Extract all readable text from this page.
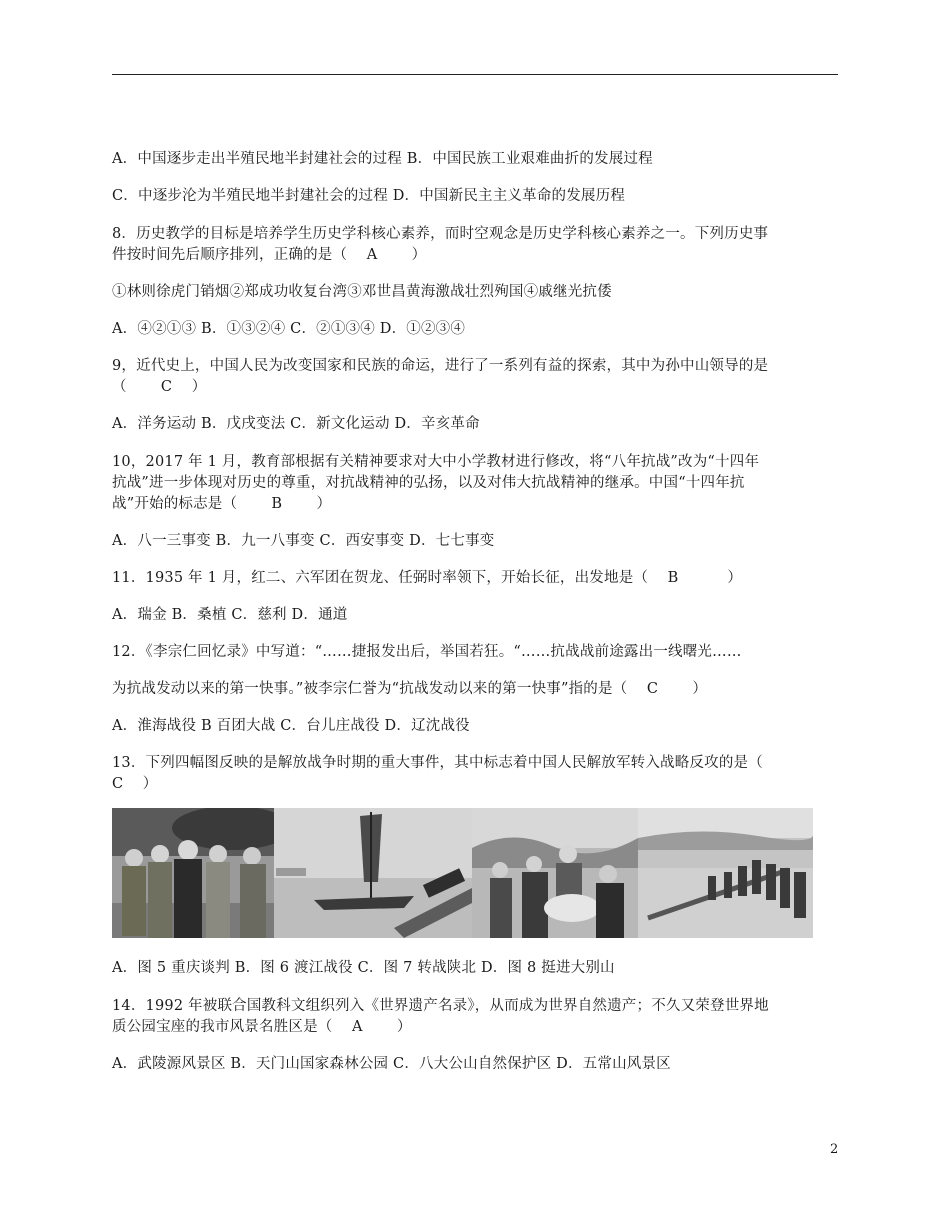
A．中国逐步走出半殖民地半封建社会的过程 B．中国民族工业艰难曲折的发展过程
C．中逐步沦为半殖民地半封建社会的过程 D．中国新民主主义革命的发展历程
8．历史教学的目标是培养学生历史学科核心素养，而时空观念是历史学科核心素养之一。下列历史事
件按时间先后顺序排列，正确的是（　 A　　 ）
①林则徐虎门销烟②郑成功收复台湾③邓世昌黄海激战壮烈殉国④戚继光抗倭
A．④②①③ B．①③②④ C．②①③④ D．①②③④
9，近代史上，中国人民为改变国家和民族的命运，进行了一系列有益的探索，其中为孙中山领导的是
（　　 C　 ）
A．洋务运动 B．戊戌变法 C．新文化运动 D．辛亥革命
10，2017 年 1 月，教育部根据有关精神要求对大中小学教材进行修改，将“八年抗战”改为“十四年
抗战”进一步体现对历史的尊重，对抗战精神的弘扬，以及对伟大抗战精神的继承。中国“十四年抗
战”开始的标志是（　　 B　　 ）
A．八一三事变 B．九一八事变 C．西安事变 D．七七事变
11．1935 年 1 月，红二、六军团在贺龙、任弼时率领下，开始长征，出发地是（　 B　　　 ）
A．瑞金 B．桑植 C．慈利 D．通道
12．《李宗仁回忆录》中写道：“……捷报发出后，举国若狂。“……抗战战前途露出一线曙光……
为抗战发动以来的第一快事。”被李宗仁誉为“抗战发动以来的第一快事”指的是（　 C　　 ）
A．淮海战役 B 百团大战 C．台儿庄战役 D．辽沈战役
13．下列四幅图反映的是解放战争时期的重大事件，其中标志着中国人民解放军转入战略反攻的是（
C　 ）
A．图 5 重庆谈判 B．图 6 渡江战役 C．图 7 转战陕北 D．图 8 挺进大别山
14．1992 年被联合国教科文组织列入《世界遗产名录》，从而成为世界自然遗产；不久又荣登世界地
质公园宝座的我市风景名胜区是（　 A　　 ）
A．武陵源风景区 B．天门山国家森林公园 C．八大公山自然保护区 D．五常山风景区
2
